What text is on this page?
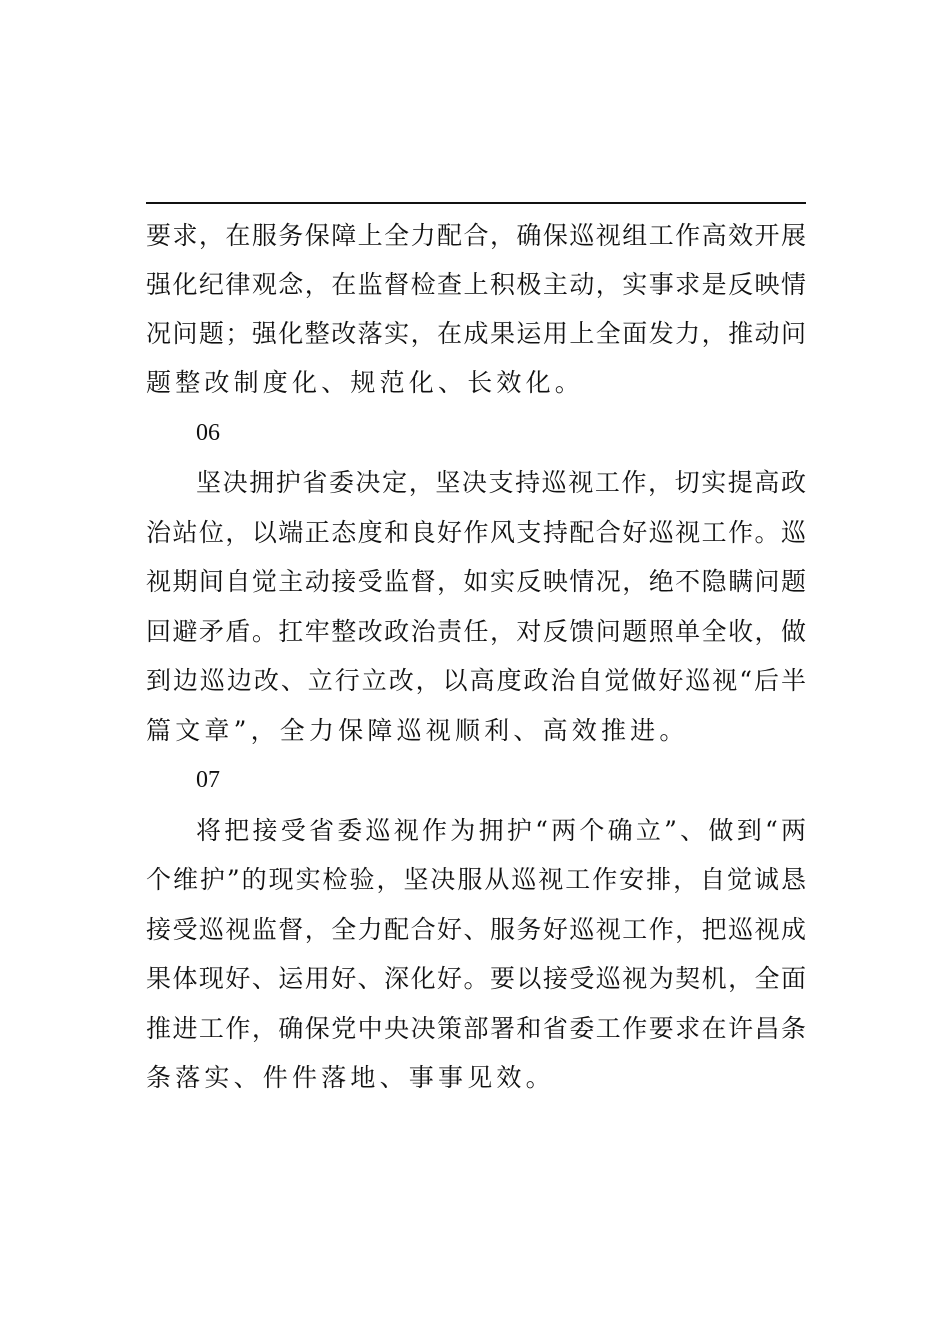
要求，在服务保障上全力配合，确保巡视组工作高效开展
强化纪律观念，在监督检查上积极主动，实事求是反映情
况问题；强化整改落实，在成果运用上全面发力，推动问
题整改制度化、规范化、长效化。
06
坚决拥护省委决定，坚决支持巡视工作，切实提高政
治站位，以端正态度和良好作风支持配合好巡视工作。巡
视期间自觉主动接受监督，如实反映情况，绝不隐瞒问题
回避矛盾。扛牢整改政治责任，对反馈问题照单全收，做
到边巡边改、立行立改，以高度政治自觉做好巡视“后半
篇文章”，全力保障巡视顺利、高效推进。
07
将把接受省委巡视作为拥护“两个确立”、做到“两
个维护”的现实检验，坚决服从巡视工作安排，自觉诚恳
接受巡视监督，全力配合好、服务好巡视工作，把巡视成
果体现好、运用好、深化好。要以接受巡视为契机，全面
推进工作，确保党中央决策部署和省委工作要求在许昌条
条落实、件件落地、事事见效。
